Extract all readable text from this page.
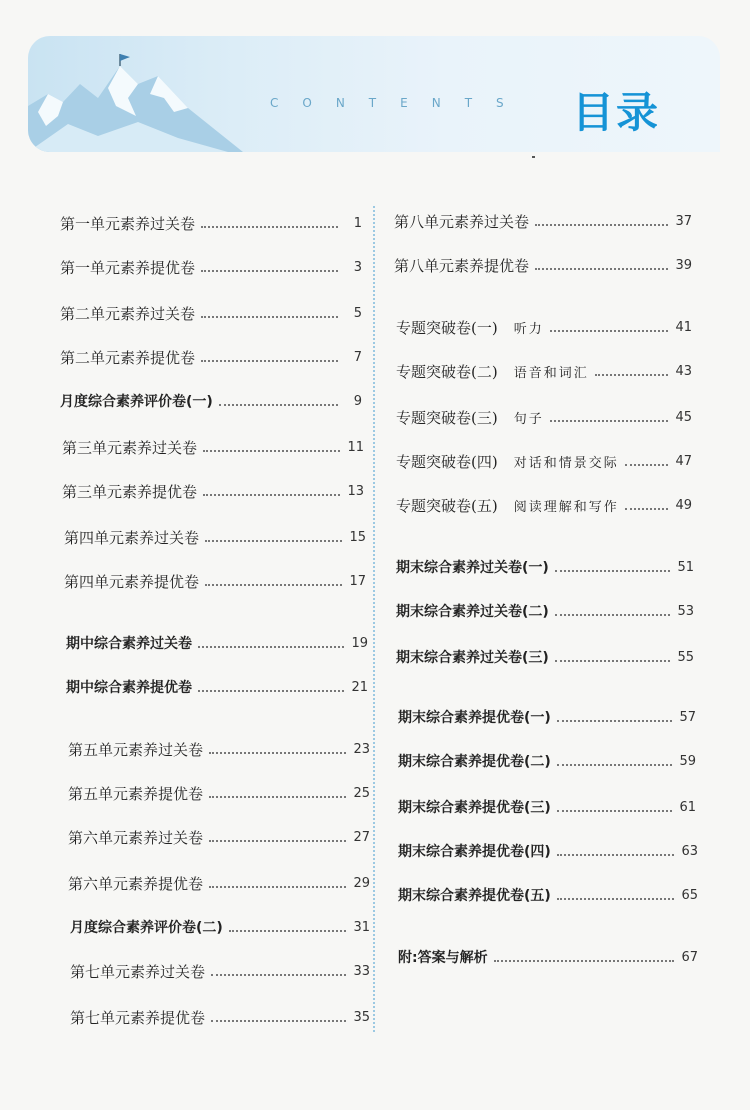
CONTENTS 目录
第一单元素养过关卷	1
第一单元素养提优卷	3
第二单元素养过关卷	5
第二单元素养提优卷	7
月度综合素养评价卷(一)	9
第三单元素养过关卷	11
第三单元素养提优卷	13
第四单元素养过关卷	15
第四单元素养提优卷	17
期中综合素养过关卷	19
期中综合素养提优卷	21
第五单元素养过关卷	23
第五单元素养提优卷	25
第六单元素养过关卷	27
第六单元素养提优卷	29
月度综合素养评价卷(二)	31
第七单元素养过关卷	33
第七单元素养提优卷	35
第八单元素养过关卷	37
第八单元素养提优卷	39
专题突破卷(一) 听力	41
专题突破卷(二) 语音和词汇	43
专题突破卷(三) 句子	45
专题突破卷(四) 对话和情景交际	47
专题突破卷(五) 阅读理解和写作	49
期末综合素养过关卷(一)	51
期末综合素养过关卷(二)	53
期末综合素养过关卷(三)	55
期末综合素养提优卷(一)	57
期末综合素养提优卷(二)	59
期末综合素养提优卷(三)	61
期末综合素养提优卷(四)	63
期末综合素养提优卷(五)	65
附:答案与解析	67
